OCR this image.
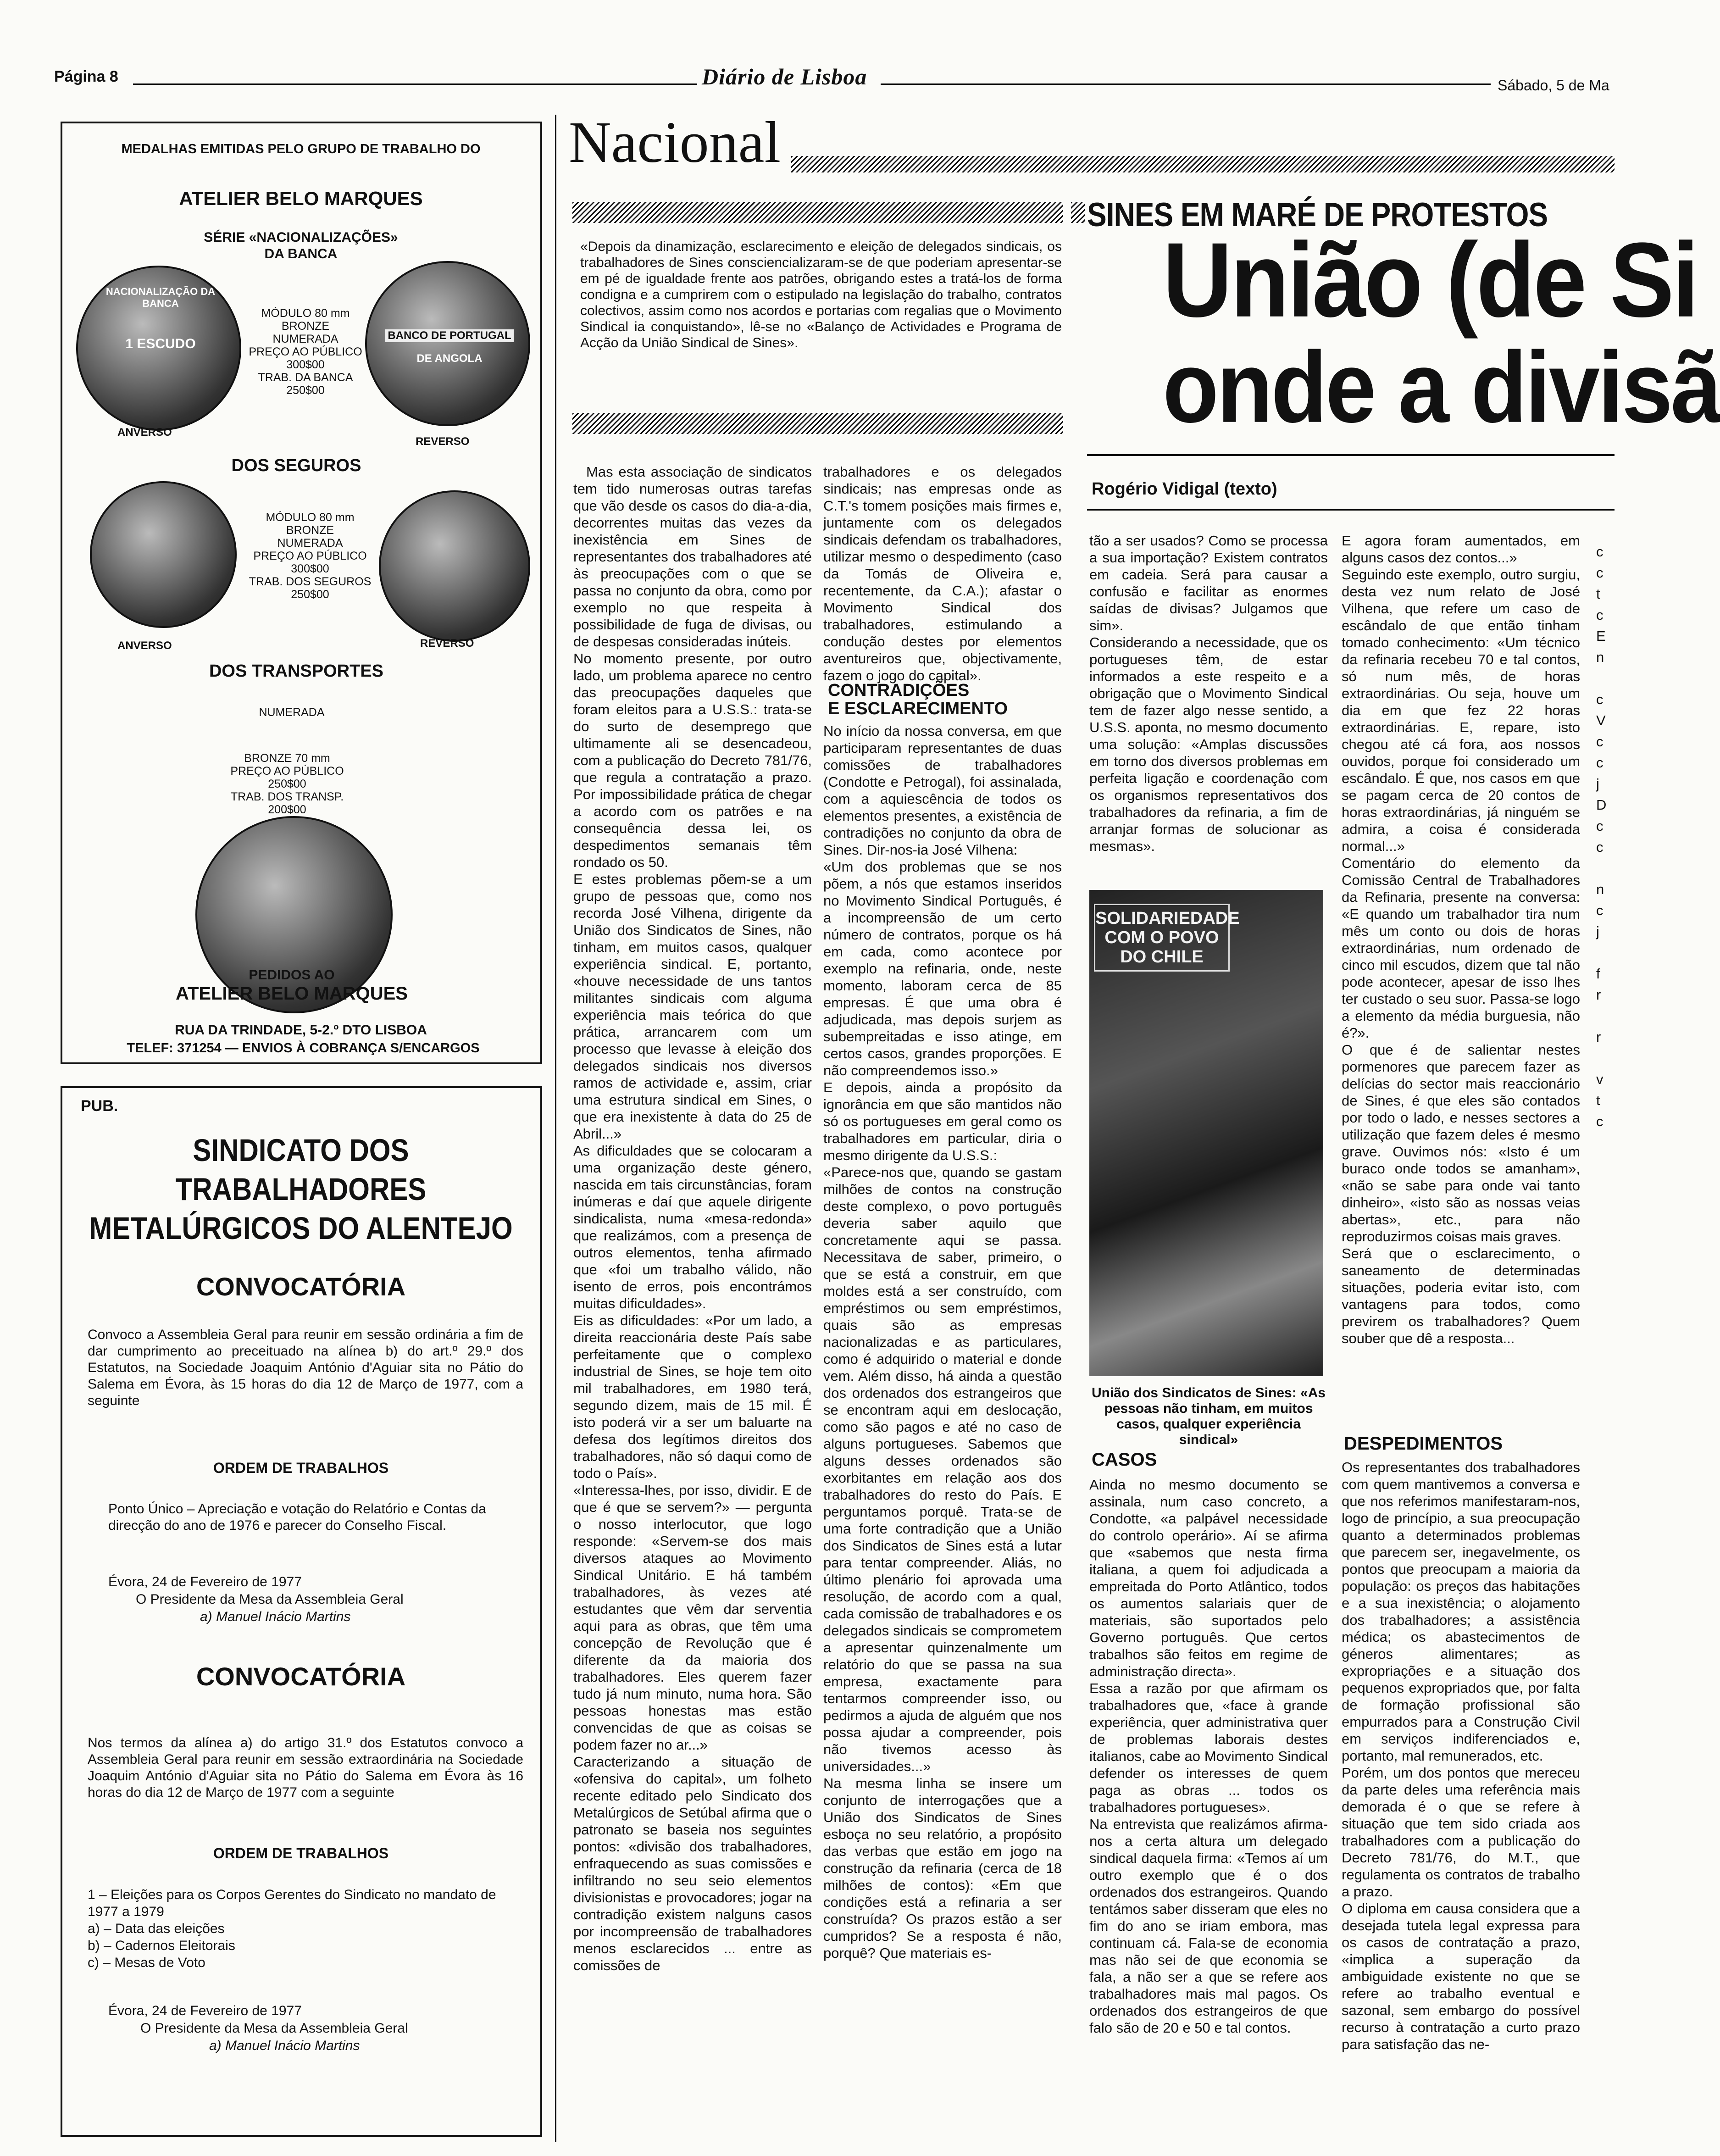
Página 8	Diário de Lisboa	Sábado, 5 de Ma
MEDALHAS EMITIDAS PELO GRUPO DE TRABALHO DO
ATELIER BELO MARQUES
SÉRIE «NACIONALIZAÇÕES»
DA BANCA
NACIONALIZAÇÃO DA BANCA
1 ESCUDO
MÓDULO 80 mm
BRONZE
NUMERADA
PREÇO AO PÚBLICO
300$00
TRAB. DA BANCA
250$00
BANCO DE PORTUGAL
DE ANGOLA
ANVERSO
REVERSO
DOS SEGUROS
MÓDULO 80 mm
BRONZE
NUMERADA
PREÇO AO PÚBLICO
300$00
TRAB. DOS SEGUROS
250$00
ANVERSO	REVERSO
DOS TRANSPORTES
NUMERADA
BRONZE 70 mm
PREÇO AO PÚBLICO
250$00
TRAB. DOS TRANSP.
200$00
PEDIDOS AO
ATELIER BELO MARQUES
RUA DA TRINDADE, 5-2.º DTO LISBOA
TELEF: 371254 — ENVIOS À COBRANÇA S/ENCARGOS
PUB.
SINDICATO DOS TRABALHADORES
METALÚRGICOS DO ALENTEJO
CONVOCATÓRIA
Convoco a Assembleia Geral para reunir em sessão ordinária a fim de dar cumprimento ao preceituado na alínea b) do art.º 29.º dos Estatutos, na Sociedade Joaquim António d'Aguiar sita no Pátio do Salema em Évora, às 15 horas do dia 12 de Março de 1977, com a seguinte
ORDEM DE TRABALHOS
Ponto Único – Apreciação e votação do Relatório e Contas da direcção do ano de 1976 e parecer do Conselho Fiscal.
Évora, 24 de Fevereiro de 1977
O Presidente da Mesa da Assembleia Geral
a) Manuel Inácio Martins
CONVOCATÓRIA
Nos termos da alínea a) do artigo 31.º dos Estatutos convoco a Assembleia Geral para reunir em sessão extraordinária na Sociedade Joaquim António d'Aguiar sita no Pátio do Salema em Évora às 16 horas do dia 12 de Março de 1977 com a seguinte
ORDEM DE TRABALHOS
1 – Eleições para os Corpos Gerentes do Sindicato no mandato de 1977 a 1979
a) – Data das eleições
b) – Cadernos Eleitorais
c) – Mesas de Voto
Évora, 24 de Fevereiro de 1977
O Presidente da Mesa da Assembleia Geral
a) Manuel Inácio Martins
Nacional
«Depois da dinamização, esclarecimento e eleição de delegados sindicais, os trabalhadores de Sines consciencializaram-se de que poderiam apresentar-se em pé de igualdade frente aos patrões, obrigando estes a tratá-los de forma condigna e a cumprirem com o estipulado na legislação do trabalho, contratos colectivos, assim como nos acordos e portarias com regalias que o Movimento Sindical ia conquistando», lê-se no «Balanço de Actividades e Programa de Acção da União Sindical de Sines».
SINES EM MARÉ DE PROTESTOS
União (de Si
onde a divisã
Rogério Vidigal (texto)
Mas esta associação de sindicatos tem tido numerosas outras tarefas que vão desde os casos do dia-a-dia, decorrentes muitas das vezes da inexistência em Sines de representantes dos trabalhadores até às preocupações com o que se passa no conjunto da obra, como por exemplo no que respeita à possibilidade de fuga de divisas, ou de despesas consideradas inúteis.
No momento presente, por outro lado, um problema aparece no centro das preocupações daqueles que foram eleitos para a U.S.S.: trata-se do surto de desemprego que ultimamente ali se desencadeou, com a publicação do Decreto 781/76, que regula a contratação a prazo. Por impossibilidade prática de chegar a acordo com os patrões e na consequência dessa lei, os despedimentos semanais têm rondado os 50.
E estes problemas põem-se a um grupo de pessoas que, como nos recorda José Vilhena, dirigente da União dos Sindicatos de Sines, não tinham, em muitos casos, qualquer experiência sindical. E, portanto, «houve necessidade de uns tantos militantes sindicais com alguma experiência mais teórica do que prática, arrancarem com um processo que levasse à eleição dos delegados sindicais nos diversos ramos de actividade e, assim, criar uma estrutura sindical em Sines, o que era inexistente à data do 25 de Abril...»
As dificuldades que se colocaram a uma organização deste género, nascida em tais circunstâncias, foram inúmeras e daí que aquele dirigente sindicalista, numa «mesa-redonda» que realizámos, com a presença de outros elementos, tenha afirmado que «foi um trabalho válido, não isento de erros, pois encontrámos muitas dificuldades».
Eis as dificuldades: «Por um lado, a direita reaccionária deste País sabe perfeitamente que o complexo industrial de Sines, se hoje tem oito mil trabalhadores, em 1980 terá, segundo dizem, mais de 15 mil. É isto poderá vir a ser um baluarte na defesa dos legítimos direitos dos trabalhadores, não só daqui como de todo o País».
«Interessa-lhes, por isso, dividir. E de que é que se servem?» — pergunta o nosso interlocutor, que logo responde: «Servem-se dos mais diversos ataques ao Movimento Sindical Unitário. E há também trabalhadores, às vezes até estudantes que vêm dar serventia aqui para as obras, que têm uma concepção de Revolução que é diferente da da maioria dos trabalhadores. Eles querem fazer tudo já num minuto, numa hora. São pessoas honestas mas estão convencidas de que as coisas se podem fazer no ar...»
Caracterizando a situação de «ofensiva do capital», um folheto recente editado pelo Sindicato dos Metalúrgicos de Setúbal afirma que o patronato se baseia nos seguintes pontos: «divisão dos trabalhadores, enfraquecendo as suas comissões e infiltrando no seu seio elementos divisionistas e provocadores; jogar na contradição existem nalguns casos por incompreensão de trabalhadores menos esclarecidos ... entre as comissões de
trabalhadores e os delegados sindicais; nas empresas onde as C.T.'s tomem posições mais firmes e, juntamente com os delegados sindicais defendam os trabalhadores, utilizar mesmo o despedimento (caso da Tomás de Oliveira e, recentemente, da C.A.); afastar o Movimento Sindical dos trabalhadores, estimulando a condução destes por elementos aventureiros que, objectivamente, fazem o jogo do capital».
CONTRADIÇÕES
E ESCLARECIMENTO
No início da nossa conversa, em que participaram representantes de duas comissões de trabalhadores (Condotte e Petrogal), foi assinalada, com a aquiescência de todos os elementos presentes, a existência de contradições no conjunto da obra de Sines. Dir-nos-ia José Vilhena:
«Um dos problemas que se nos põem, a nós que estamos inseridos no Movimento Sindical Português, é a incompreensão de um certo número de contratos, porque os há em cada, como acontece por exemplo na refinaria, onde, neste momento, laboram cerca de 85 empresas. É que uma obra é adjudicada, mas depois surjem as subempreitadas e isso atinge, em certos casos, grandes proporções. E não compreendemos isso.»
E depois, ainda a propósito da ignorância em que são mantidos não só os portugueses em geral como os trabalhadores em particular, diria o mesmo dirigente da U.S.S.:
«Parece-nos que, quando se gastam milhões de contos na construção deste complexo, o povo português deveria saber aquilo que concretamente aqui se passa. Necessitava de saber, primeiro, o que se está a construir, em que moldes está a ser construído, com empréstimos ou sem empréstimos, quais são as empresas nacionalizadas e as particulares, como é adquirido o material e donde vem. Além disso, há ainda a questão dos ordenados dos estrangeiros que se encontram aqui em deslocação, como são pagos e até no caso de alguns portugueses. Sabemos que alguns desses ordenados são exorbitantes em relação aos dos trabalhadores do resto do País. E perguntamos porquê. Trata-se de uma forte contradição que a União dos Sindicatos de Sines está a lutar para tentar compreender. Aliás, no último plenário foi aprovada uma resolução, de acordo com a qual, cada comissão de trabalhadores e os delegados sindicais se comprometem a apresentar quinzenalmente um relatório do que se passa na sua empresa, exactamente para tentarmos compreender isso, ou pedirmos a ajuda de alguém que nos possa ajudar a compreender, pois não tivemos acesso às universidades...»
Na mesma linha se insere um conjunto de interrogações que a União dos Sindicatos de Sines esboça no seu relatório, a propósito das verbas que estão em jogo na construção da refinaria (cerca de 18 milhões de contos): «Em que condições está a refinaria a ser construída? Os prazos estão a ser cumpridos? Se a resposta é não, porquê? Que materiais es-
tão a ser usados? Como se processa a sua importação? Existem contratos em cadeia. Será para causar a confusão e facilitar as enormes saídas de divisas? Julgamos que sim».
Considerando a necessidade, que os portugueses têm, de estar informados a este respeito e a obrigação que o Movimento Sindical tem de fazer algo nesse sentido, a U.S.S. aponta, no mesmo documento uma solução: «Amplas discussões em torno dos diversos problemas em perfeita ligação e coordenação com os organismos representativos dos trabalhadores da refinaria, a fim de arranjar formas de solucionar as mesmas».
SOLIDARIEDADE
COM O POVO
DO CHILE
União dos Sindicatos de Sines: «As pessoas não tinham, em muitos casos, qualquer experiência sindical»
CASOS
Ainda no mesmo documento se assinala, num caso concreto, a Condotte, «a palpável necessidade do controlo operário». Aí se afirma que «sabemos que nesta firma italiana, a quem foi adjudicada a empreitada do Porto Atlântico, todos os aumentos salariais quer de materiais, são suportados pelo Governo português. Que certos trabalhos são feitos em regime de administração directa».
Essa a razão por que afirmam os trabalhadores que, «face à grande experiência, quer administrativa quer de problemas laborais destes italianos, cabe ao Movimento Sindical defender os interesses de quem paga as obras ... todos os trabalhadores portugueses».
Na entrevista que realizámos afirma-nos a certa altura um delegado sindical daquela firma: «Temos aí um outro exemplo que é o dos ordenados dos estrangeiros. Quando tentámos saber disseram que eles no fim do ano se iriam embora, mas continuam cá. Fala-se de economia mas não sei de que economia se fala, a não ser a que se refere aos trabalhadores mais mal pagos. Os ordenados dos estrangeiros de que falo são de 20 e 50 e tal contos.
E agora foram aumentados, em alguns casos dez contos...»
Seguindo este exemplo, outro surgiu, desta vez num relato de José Vilhena, que refere um caso de escândalo de que então tinham tomado conhecimento: «Um técnico da refinaria recebeu 70 e tal contos, só num mês, de horas extraordinárias. Ou seja, houve um dia em que fez 22 horas extraordinárias. E, repare, isto chegou até cá fora, aos nossos ouvidos, porque foi considerado um escândalo. É que, nos casos em que se pagam cerca de 20 contos de horas extraordinárias, já ninguém se admira, a coisa é considerada normal...»
Comentário do elemento da Comissão Central de Trabalhadores da Refinaria, presente na conversa: «E quando um trabalhador tira num mês um conto ou dois de horas extraordinárias, num ordenado de cinco mil escudos, dizem que tal não pode acontecer, apesar de isso lhes ter custado o seu suor. Passa-se logo a elemento da média burguesia, não é?».
O que é de salientar nestes pormenores que parecem fazer as delícias do sector mais reaccionário de Sines, é que eles são contados por todo o lado, e nesses sectores a utilização que fazem deles é mesmo grave. Ouvimos nós: «Isto é um buraco onde todos se amanham», «não se sabe para onde vai tanto dinheiro», «isto são as nossas veias abertas», etc., para não reproduzirmos coisas mais graves.
Será que o esclarecimento, o saneamento de determinadas situações, poderia evitar isto, com vantagens para todos, como previrem os trabalhadores? Quem souber que dê a resposta...
DESPEDIMENTOS
Os representantes dos trabalhadores com quem mantivemos a conversa e que nos referimos manifestaram-nos, logo de princípio, a sua preocupação quanto a determinados problemas que parecem ser, inegavelmente, os pontos que preocupam a maioria da população: os preços das habitações e a sua inexistência; o alojamento dos trabalhadores; a assistência médica; os abastecimentos de géneros alimentares; as expropriações e a situação dos pequenos expropriados que, por falta de formação profissional são empurrados para a Construção Civil em serviços indiferenciados e, portanto, mal remunerados, etc.
Porém, um dos pontos que mereceu da parte deles uma referência mais demorada é o que se refere à situação que tem sido criada aos trabalhadores com a publicação do Decreto 781/76, do M.T., que regulamenta os contratos de trabalho a prazo.
O diploma em causa considera que a desejada tutela legal expressa para os casos de contratação a prazo, «implica a superação da ambiguidade existente no que se refere ao trabalho eventual e sazonal, sem embargo do possível recurso à contratação a curto prazo para satisfação das ne-
c
c
t
c
E
n

c
V
c
c
j
D
c
c

n
c
j

f
r

r

v
t
c
